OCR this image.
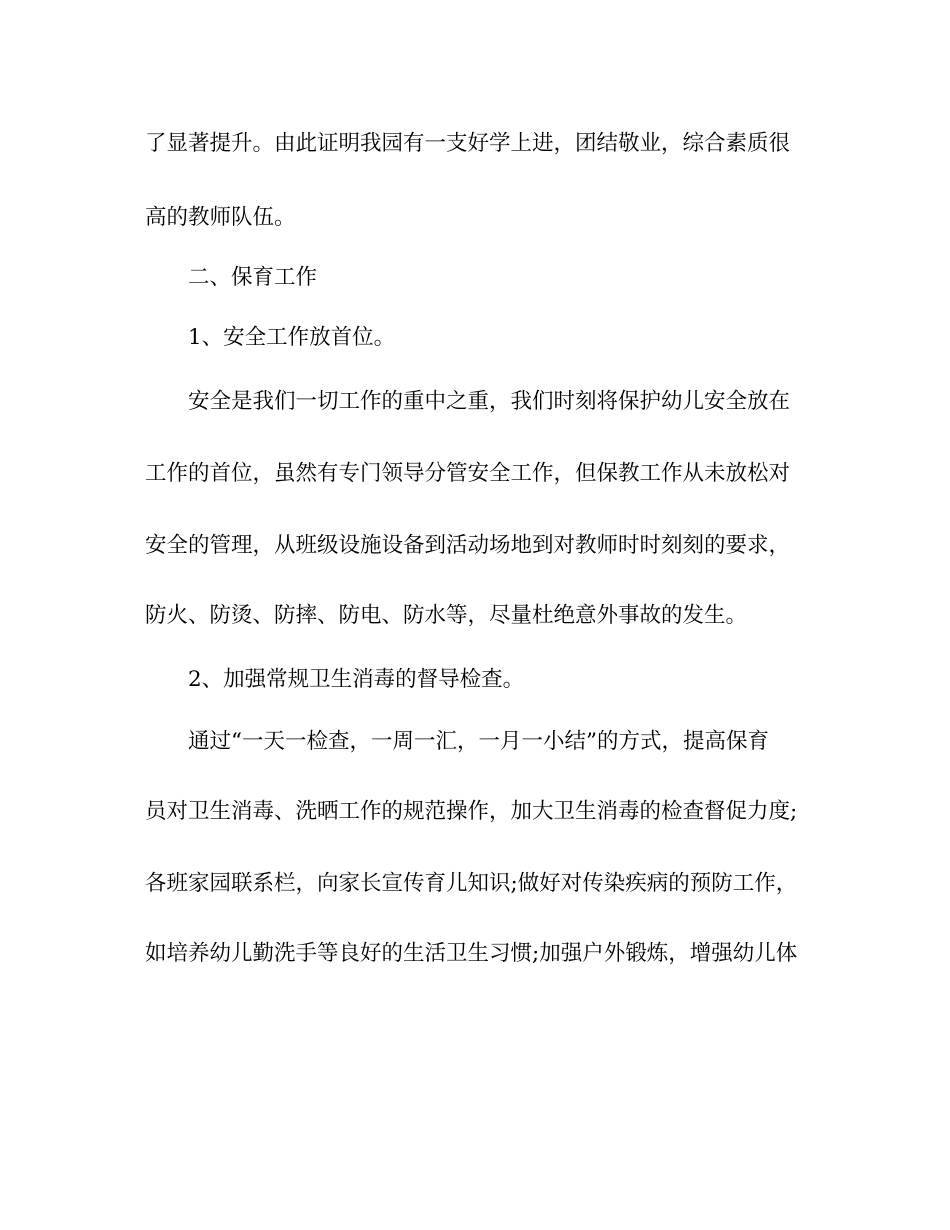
了显著提升。由此证明我园有一支好学上进，团结敬业，综合素质很
高的教师队伍。
二、保育工作
1、安全工作放首位。
安全是我们一切工作的重中之重，我们时刻将保护幼儿安全放在
工作的首位，虽然有专门领导分管安全工作，但保教工作从未放松对
安全的管理，从班级设施设备到活动场地到对教师时时刻刻的要求，
防火、防烫、防摔、防电、防水等，尽量杜绝意外事故的发生。
2、加强常规卫生消毒的督导检查。
通过“一天一检查，一周一汇，一月一小结”的方式，提高保育
员对卫生消毒、洗晒工作的规范操作，加大卫生消毒的检查督促力度;
各班家园联系栏，向家长宣传育儿知识;做好对传染疾病的预防工作，
如培养幼儿勤洗手等良好的生活卫生习惯;加强户外锻炼，增强幼儿体
